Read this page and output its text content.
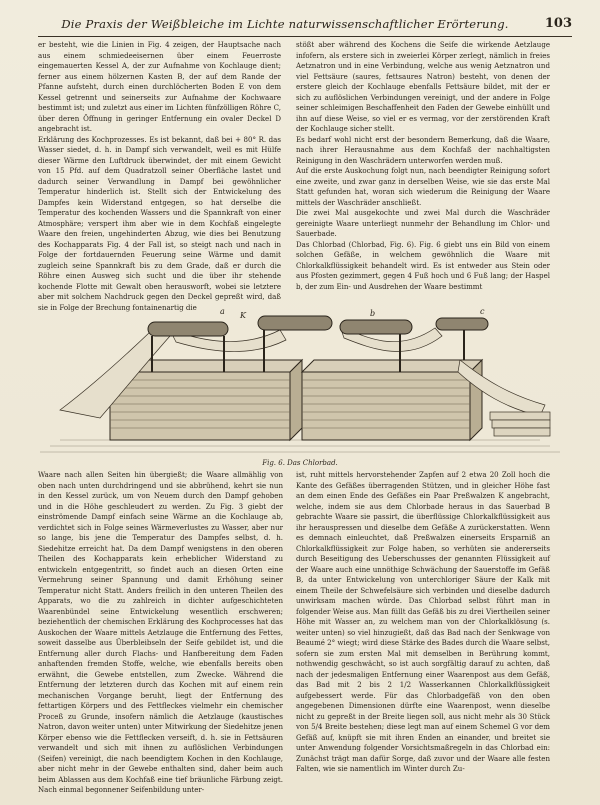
Die Praxis der Weißbleiche im Lichte naturwissenschaftlicher Erörterung.	103

er besteht, wie die Linien in Fig. 4 zeigen, der Hauptsache nach aus einem schmiedeeisernen über einem Feuerroste eingemauerten Kessel A, der zur Aufnahme von Kochlauge dient; ferner aus einem hölzernen Kasten B, der auf dem Rande der Pfanne aufsteht, durch einen durchlöcherten Boden E von dem Kessel getrennt und seinerseits zur Aufnahme der Kochwaare bestimmt ist; und zuletzt aus einer im Lichten fünfzölligen Röhre C, über deren Öffnung in geringer Entfernung ein ovaler Deckel D angebracht ist.

Erklärung des Kochprozesses. Es ist bekannt, daß bei + 80° R. das Wasser siedet, d. h. in Dampf sich verwandelt, weil es mit Hülfe dieser Wärme den Luftdruck überwindet, der mit einem Gewicht von 15 Pfd. auf dem Quadratzoll seiner Oberfläche lastet und dadurch seiner Verwandlung in Dampf bei gewöhnlicher Temperatur hinderlich ist. Stellt sich der Entwickelung des Dampfes kein Widerstand entgegen, so hat derselbe die Temperatur des kochenden Wassers und die Spannkraft von einer Atmosphäre; verspert ihm aber wie in dem Kochfaß eingelegte Waare den freien, ungehinderten Abzug, wie dies bei Benutzung des Kochapparats Fig. 4 der Fall ist, so steigt nach und nach in Folge der fortdauernden Feuerung seine Wärme und damit zugleich seine Spannkraft bis zu dem Grade, daß er durch die Röhre einen Ausweg sich sucht und die über ihr stehende kochende Flotte mit Gewalt oben herausworft, wobei sie letztere aber mit solchem Nachdruck gegen den Deckel gepreßt wird, daß sie in Folge der Brechung fontainenartig die

stößt aber während des Kochens die Seife die wirkende Aetzlauge infofern, als erstere sich in zweierlei Körper zerlegt, nämlich in freies Aetznatron und in eine Verbindung, welche aus wenig Aetznatron und viel Fettsäure (saures, fettsaures Natron) besteht, von denen der erstere gleich der Kochlauge ebenfalls Fettsäure bildet, mit der er sich zu auflöslichen Verbindungen vereinigt, und der andere in Folge seiner schleimigen Beschaffenheit den Faden der Gewebe einhüllt und ihn auf diese Weise, so viel er es vermag, vor der zerstörenden Kraft der Kochlauge sicher stellt.

Es bedarf wohl nicht erst der besondern Bemerkung, daß die Waare, nach ihrer Herausnahme aus dem Kochfaß der nachhaltigsten Reinigung in den Waschrädern unterworfen werden muß.

Auf die erste Auskochung folgt nun, nach beendigter Reinigung sofort eine zweite, und zwar ganz in derselben Weise, wie sie das erste Mal Statt gefunden hat, woran sich wiederum die Reinigung der Waare mittels der Waschräder anschließt.

Die zwei Mal ausgekochte und zwei Mal durch die Waschräder gereinigte Waare unterliegt nunmehr der Behandlung im Chlor- und Sauerbade.

Das Chlorbad (Chlorbad, Fig. 6). Fig. 6 giebt uns ein Bild von einem solchen Gefäße, in welchem gewöhnlich die Waare mit Chlorkalkflüssigkeit behandelt wird. Es ist entweder aus Stein oder aus Pfosten gezimmert, gegen 4 Fuß hoch und 6 Fuß lang; der Haspel b, der zum Ein- und Ausdrehen der Waare bestimmt

a K	b	c
Fig. 6. Das Chlorbad.

Waare nach allen Seiten hin übergießt; die Waare allmählig von oben nach unten durchdringend und sie abbrühend, kehrt sie nun in den Kessel zurück, um von Neuem durch den Dampf gehoben und in die Höhe geschleudert zu werden. Zu Fig. 3 giebt der einströmende Dampf einfach seine Wärme an die Kochlauge ab, verdichtet sich in Folge seines Wärmeverlustes zu Wasser, aber nur so lange, bis jene die Temperatur des Dampfes selbst, d. h. Siedehitze erreicht hat. Da dem Dampf wenigstens in den oberen Theilen des Kochapparats kein erheblicher Widerstand zu entwickeln entgegentritt, so findet auch an diesen Orten eine Vermehrung seiner Spannung und damit Erhöhung seiner Temperatur nicht Statt. Anders freilich in den unteren Theilen des Apparats, wo die zu zahlreich in dichter aufgeschichteten Waarenbündel seine Entwickelung wesentlich erschweren; beziehentlich der chemischen Erklärung des Kochprocesses hat das Auskochen der Waare mittels Aetzlauge die Entfernung des Fettes, soweit dasselbe aus Überbleibseln der Seife gebildet ist, und die Entfernung aller durch Flachs- und Hanfbereitung dem Faden anhaftenden fremden Stoffe, welche, wie ebenfalls bereits oben erwähnt, die Gewebe entstellen, zum Zwecke. Während die Entfernung der letzteren durch das Kochen mit auf einem rein mechanischen Vorgange beruht, liegt der Entfernung des fettartigen Körpers und des Fettfleckes vielmehr ein chemischer Proceß zu Grunde, insofern nämlich die Aetzlauge (kaustisches Natron, davon weiter unten) unter Mitwirkung der Siedehitze jenen Körper ebenso wie die Fettflecken verseift, d. h. sie in Fettsäuren verwandelt und sich mit ihnen zu auflöslichen Verbindungen (Seifen) vereinigt, die nach beendigtem Kochen in den Kochlauge, aber nicht mehr in der Gewebe enthalten sind, daher beim auch beim Ablassen aus dem Kochfaß eine tief bräunliche Färbung zeigt. Nach einmal begonnener Seifenbildung unter-

ist, ruht mittels hervorstehender Zapfen auf 2 etwa 20 Zoll hoch die Kante des Gefäßes überragenden Stützen, und in gleicher Höhe fast an dem einen Ende des Gefäßes ein Paar Preßwalzen K angebracht, welche, indem sie aus dem Chlorbade heraus in das Sauerbad B gebrachte Waare sie passirt, die überflüssige Chlorkalkflüssigkeit aus ihr herauspressen und dieselbe dem Gefäße A zurückerstatten. Wenn es demnach einleuchtet, daß Preßwalzen einerseits Ersparniß an Chlorkalkflüssigkeit zur Folge haben, so verhüten sie andererseits durch Beseitigung des Ueberschusses der genannten Flüssigkeit auf der Waare auch eine unnöthige Schwächung der Sauerstoffe im Gefäß B, da unter Entwickelung von unterchloriger Säure der Kalk mit einem Theile der Schwefelsäure sich verbinden und dieselbe dadurch unwirksam machen würde. Das Chlorbad selbst führt man in folgender Weise aus. Man füllt das Gefäß bis zu drei Viertheilen seiner Höhe mit Wasser an, zu welchem man von der Chlorkalklösung (s. weiter unten) so viel hinzugießt, daß das Bad nach der Senkwage von Beaumé 2° wiegt; wird diese Stärke des Bades durch die Waare selbst, sofern sie zum ersten Mal mit demselben in Berührung kommt, nothwendig geschwächt, so ist auch sorgfältig darauf zu achten, daß nach der jedesmaligen Entfernung einer Waarenpost aus dem Gefäß, das Bad mit 2 bis 2 1/2 Wasserkannen Chlorkalkflüssigkeit aufgebessert werde. Für das Chlorbadgefäß von den oben angegebenen Dimensionen dürfte eine Waarenpost, wenn dieselbe nicht zu gepreßt in der Breite liegen soll, aus nicht mehr als 30 Stück von 5/4 Breite bestehen; diese legt man auf einem Schemel G vor dem Gefäß auf, knüpft sie mit ihren Enden an einander, und breitet sie unter Anwendung folgender Vorsichtsmaßregeln in das Chlorbad ein: Zunächst trägt man dafür Sorge, daß zuvor und der Waare alle festen Falten, wie sie namentlich im Winter durch Zu-
